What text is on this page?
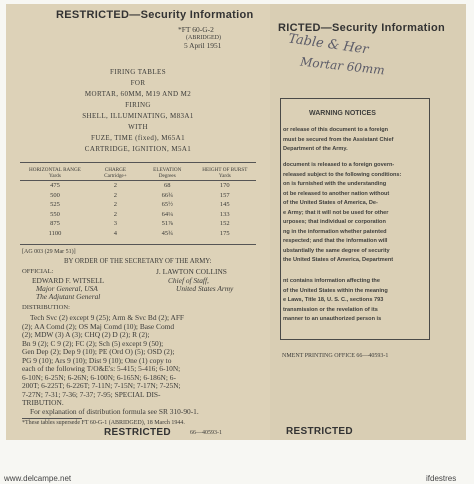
RESTRICTED—Security Information
*FT 60-G-2
(ABRIDGED)
5 April 1951
FIRING TABLES
FOR
MORTAR, 60MM, M19 AND M2
FIRING
SHELL, ILLUMINATING, M83A1
WITH
FUZE, TIME (fixed), M65A1
CARTRIDGE, IGNITION, M5A1
HORIZONTAL RANGE Yards	CHARGE Cartridge+	ELEVATION Degrees	HEIGHT OF BURST Yards
475	2	68	170
500	2	66¾	157
525	2	65½	145
550	2	64¼	133
875	3	51⅞	152
1100	4	45¾	175
[AG 003 (29 Mar 51)]
BY ORDER OF THE SECRETARY OF THE ARMY:
OFFICIAL:
EDWARD F. WITSELL
Major General, USA
The Adjutant General
J. LAWTON COLLINS
Chief of Staff,
United States Army
DISTRIBUTION:
Tech Svc (2) except 9 (25); Arm & Svc Bd (2); AFF
(2); AA Comd (2); OS Maj Comd (10); Base Comd
(2); MDW (3) A (3); CHQ (2) D (2); R (2);
Bn 9 (2); C 9 (2); FC (2); Sch (5) except 9 (50);
Gen Dep (2); Dep 9 (10); PE (Ord O) (5); OSD (2);
PG 9 (10); Ars 9 (10); Dist 9 (10); One (1) copy to
each of the following T/O&E's: 5-415; 5-416; 6-10N;
6-10N; 6-25N; 6-26N; 6-100N; 6-165N; 6-186N; 6-
200T; 6-225T; 6-226T; 7-11N; 7-15N; 7-17N; 7-25N;
7-27N; 7-31; 7-36; 7-37; 7-95; SPECIAL DIS-
TRIBUTION.
For explanation of distribution formula see SR 310-90-1.
*These tables supersede FT 60-G-1 (ABRIDGED), 18 March 1944.
RESTRICTED	66—40593-1
RICTED—Security Information
Table & Her
Mortar 60mm
NMENT PRINTING OFFICE 66—40593-1
RESTRICTED
WARNING NOTICES
or release of this document to a foreign
must be secured from the Assistant Chief
Department of the Army.
document is released to a foreign govern-
released subject to the following conditions:
on is furnished with the understanding
ot be released to another nation without
of the United States of America, De-
e Army; that it will not be used for other
urposes; that individual or corporation
ng in the information whether patented
respected; and that the information will
ubstantially the same degree of security
the United States of America, Department
nt contains information affecting the
of the United States within the meaning
e Laws, Title 18, U. S. C., sections 793
transmission or the revelation of its
manner to an unauthorized person is
www.delcampe.net	ifdestres
